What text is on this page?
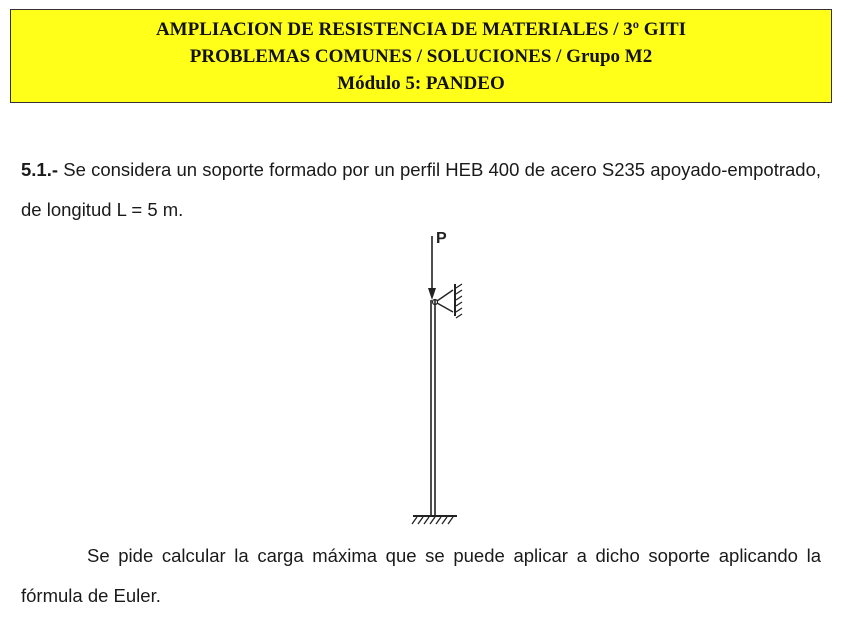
AMPLIACION DE RESISTENCIA DE MATERIALES / 3º GITI
PROBLEMAS COMUNES / SOLUCIONES / Grupo M2
Módulo 5: PANDEO
5.1.- Se considera un soporte formado por un perfil HEB 400 de acero S235 apoyado-empotrado, de longitud L = 5 m.
P
Se pide calcular la carga máxima que se puede aplicar a dicho soporte aplicando la fórmula de Euler.
